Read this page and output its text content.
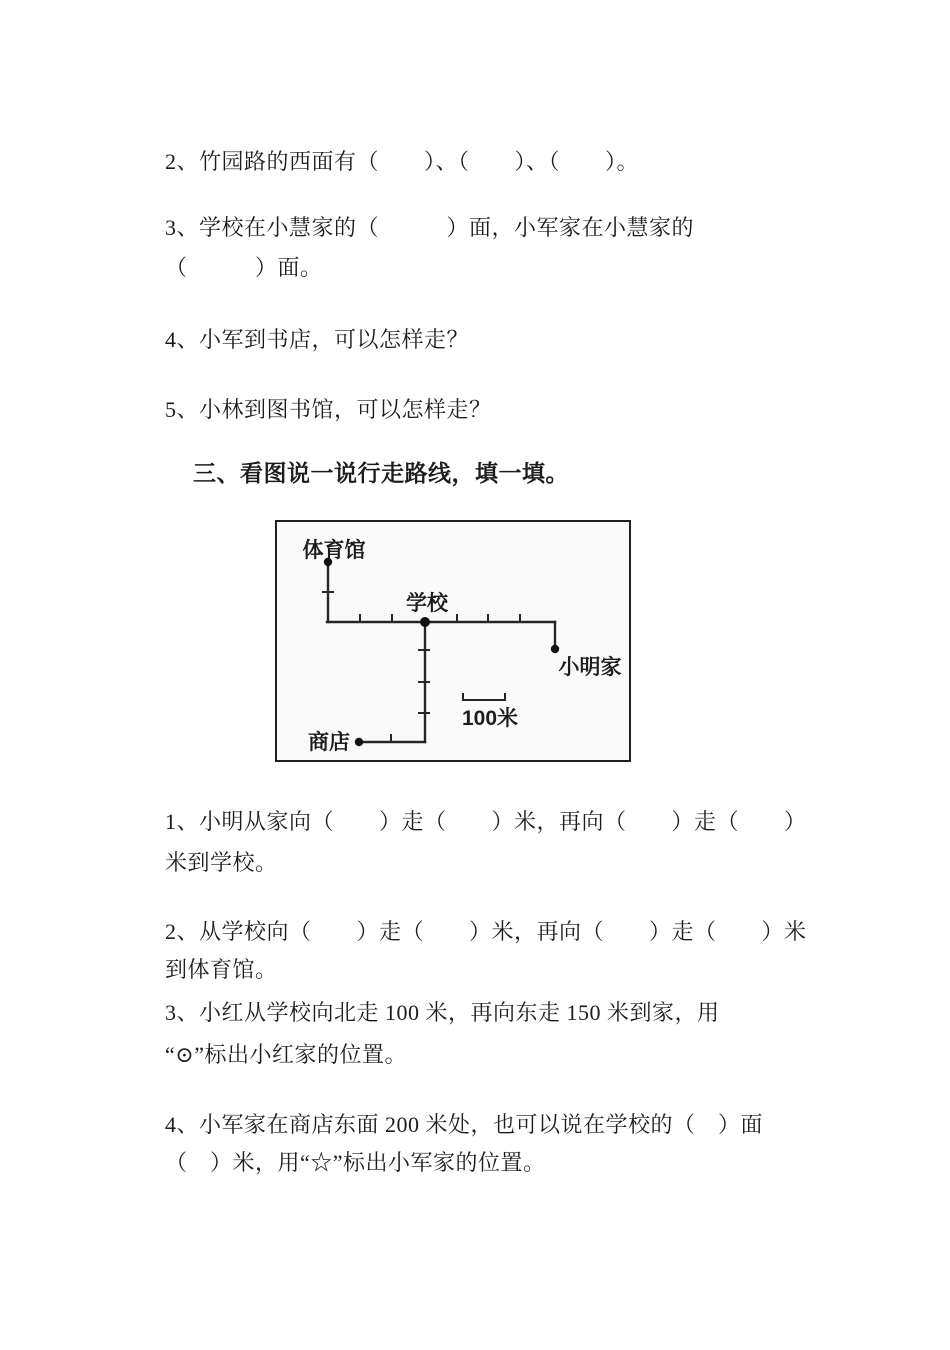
2、竹园路的西面有（　　）、（　　）、（　　）。

3、学校在小慧家的（　　　）面，小军家在小慧家的

（　　　）面。

4、小军到书店，可以怎样走？

5、小林到图书馆，可以怎样走？

三、看图说一说行走路线，填一填。

体育馆
学校
小明家
商店
100米

1、小明从家向（　　）走（　　）米，再向（　　）走（　　）

米到学校。

2、从学校向（　　）走（　　）米，再向（　　）走（　　）米

到体育馆。

3、小红从学校向北走 100 米，再向东走 150 米到家，用

“⊙”标出小红家的位置。

4、小军家在商店东面 200 米处，也可以说在学校的（　）面

（　）米，用“☆”标出小军家的位置。
